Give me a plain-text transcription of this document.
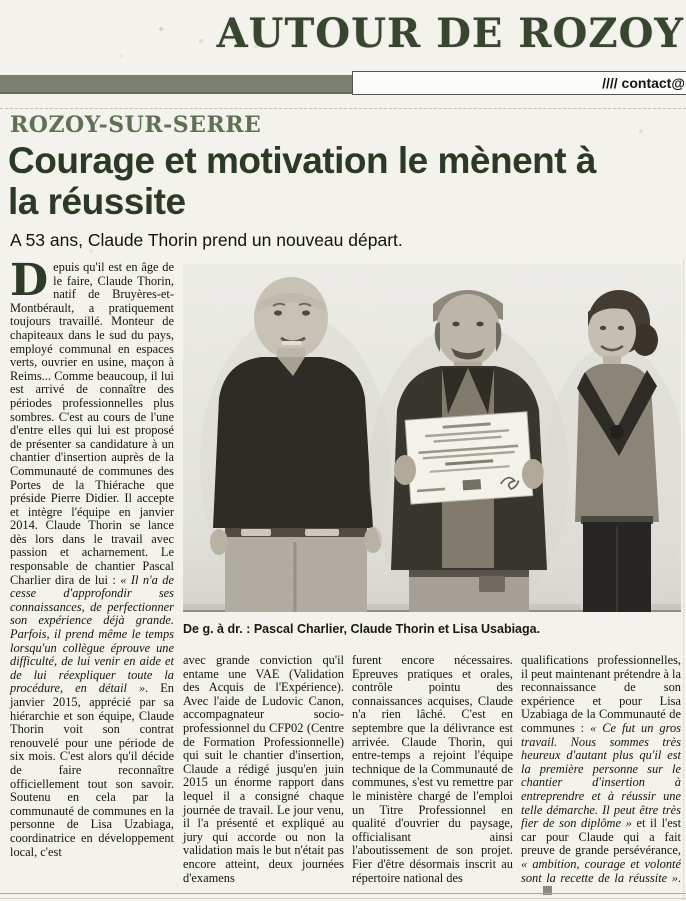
AUTOUR DE ROZOY
//// contact@
ROZOY-SUR-SERRE
Courage et motivation le mènent à la réussite
A 53 ans, Claude Thorin prend un nouveau départ.

Depuis qu'il est en âge de le faire, Claude Thorin, natif de Bruyères-et-Montbérault, a pratiquement toujours travaillé. Monteur de chapiteaux dans le sud du pays, employé communal en espaces verts, ouvrier en usine, maçon à Reims... Comme beaucoup, il lui est arrivé de connaître des périodes professionnelles plus sombres. C'est au cours de l'une d'entre elles qui lui est proposé de présenter sa candidature à un chantier d'insertion auprès de la Communauté de communes des Portes de la Thiérache que préside Pierre Didier. Il accepte et intègre l'équipe en janvier 2014. Claude Thorin se lance dès lors dans le travail avec passion et acharnement. Le responsable de chantier Pascal Charlier dira de lui : « Il n'a de cesse d'approfondir ses connaissances, de perfectionner son expérience déjà grande. Parfois, il prend même le temps lorsqu'un collègue éprouve une difficulté, de lui venir en aide et de lui réexpliquer toute la procédure, en détail ». En janvier 2015, apprécié par sa hiérarchie et son équipe, Claude Thorin voit son contrat renouvelé pour une période de six mois. C'est alors qu'il décide de faire reconnaître officiellement tout son savoir. Soutenu en cela par la communauté de communes en la personne de Lisa Uzabiaga, coordinatrice en développement local, c'est

De g. à dr. : Pascal Charlier, Claude Thorin et Lisa Usabiaga.

avec grande conviction qu'il entame une VAE (Validation des Acquis de l'Expérience). Avec l'aide de Ludovic Canon, accompagnateur socio-professionnel du CFP02 (Centre de Formation Professionnelle) qui suit le chantier d'insertion, Claude a rédigé jusqu'en juin 2015 un énorme rapport dans lequel il a consigné chaque journée de travail. Le jour venu, il l'a présenté et expliqué au jury qui accorde ou non la validation mais le but n'était pas encore atteint, deux journées d'examens

furent encore nécessaires. Epreuves pratiques et orales, contrôle pointu des connaissances acquises, Claude n'a rien lâché. C'est en septembre que la délivrance est arrivée. Claude Thorin, qui entre-temps a rejoint l'équipe technique de la Communauté de communes, s'est vu remettre par le ministère chargé de l'emploi un Titre Professionnel en qualité d'ouvrier du paysage, officialisant ainsi l'aboutissement de son projet. Fier d'être désormais inscrit au répertoire national des

qualifications professionnelles, il peut maintenant prétendre à la reconnaissance de son expérience et pour Lisa Uzabiaga de la Communauté de communes : « Ce fut un gros travail. Nous sommes très heureux d'autant plus qu'il est la première personne sur le chantier d'insertion à entreprendre et à réussir une telle démarche. Il peut être très fier de son diplôme » et il l'est car pour Claude qui a fait preuve de grande persévérance, « ambition, courage et volonté sont la recette de la réussite ».
